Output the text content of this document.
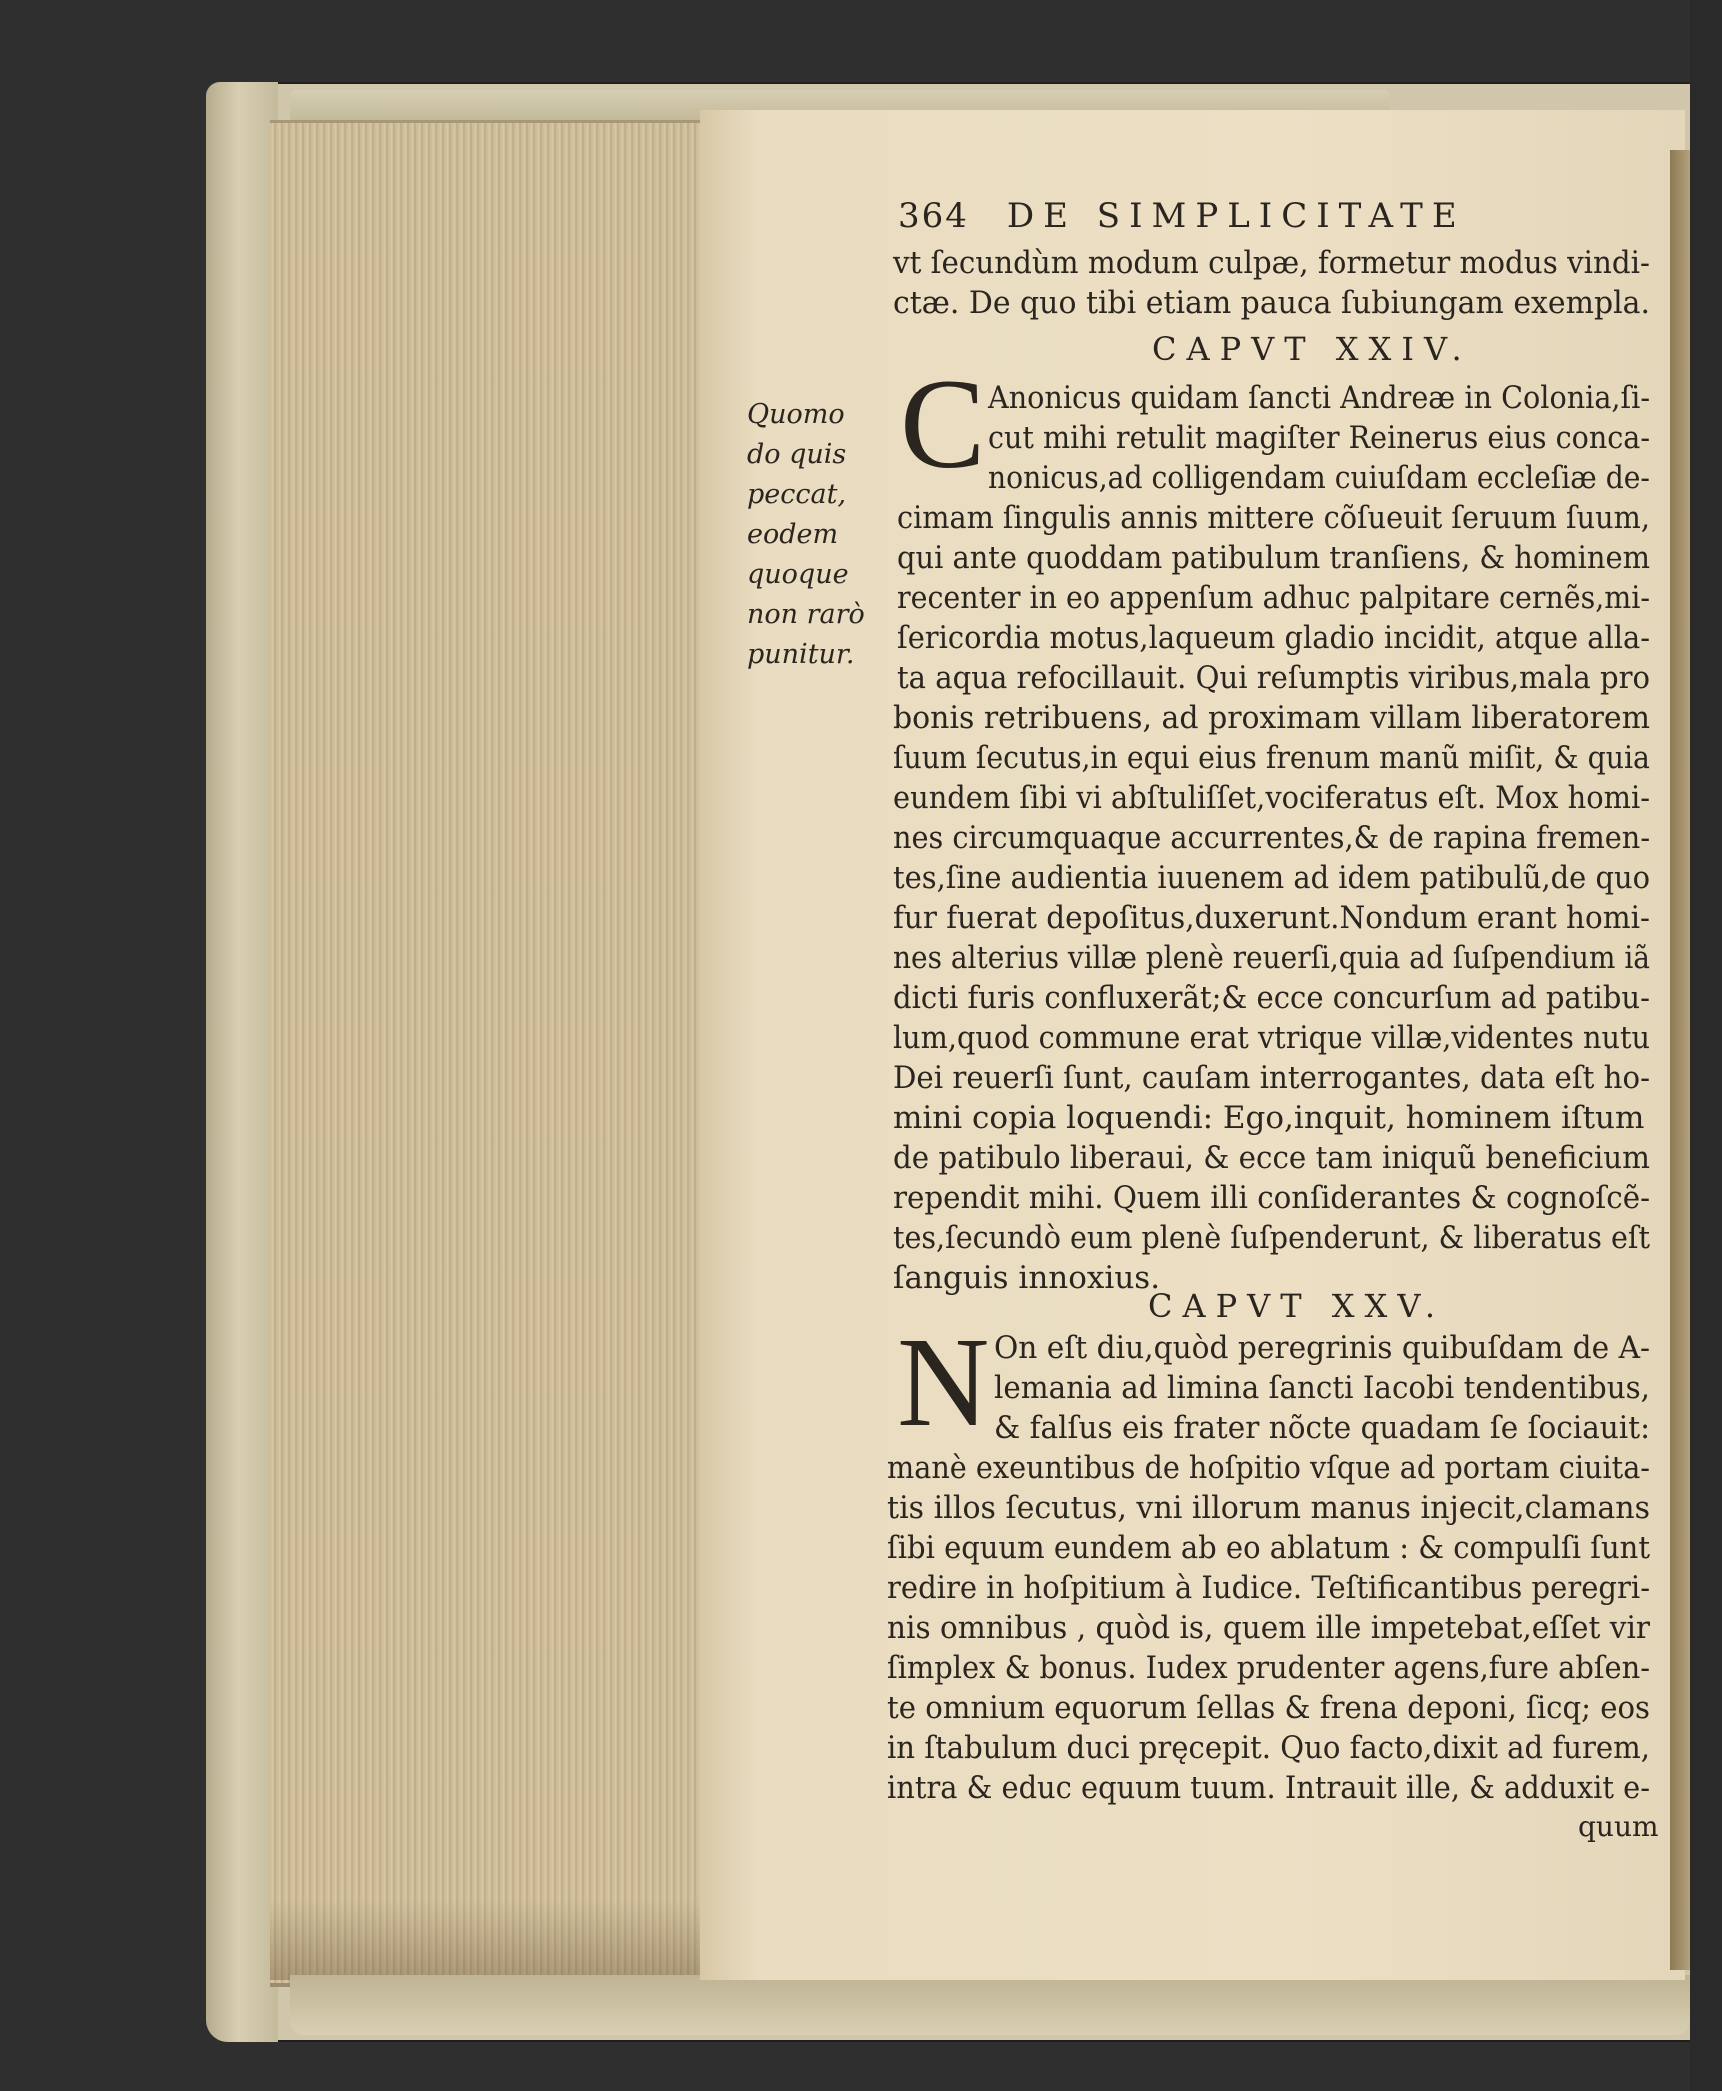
364 DE SIMPLICITATE
vt ſecundùm modum culpæ, formetur modus vindi-
ctæ. De quo tibi etiam pauca ſubiungam exempla.
CAPVT XXIV.
C
Quomo
do quis
peccat,
eodem
quoque
non rarò
punitur.
Anonicus quidam ſancti Andreæ in Colonia,ſi-
cut mihi retulit magiſter Reinerus eius conca-
nonicus,ad colligendam cuiuſdam eccleſiæ de-
cimam ſingulis annis mittere cõſueuit ſeruum ſuum,
qui ante quoddam patibulum tranſiens, & hominem
recenter in eo appenſum adhuc palpitare cernẽs,mi-
ſericordia motus,laqueum gladio incidit, atque alla-
ta aqua refocillauit. Qui reſumptis viribus,mala pro
bonis retribuens, ad proximam villam liberatorem
ſuum ſecutus,in equi eius frenum manũ miſit, & quia
eundem ſibi vi abſtuliſſet,vociferatus eſt. Mox homi-
nes circumquaque accurrentes,& de rapina fremen-
tes,ſine audientia iuuenem ad idem patibulũ,de quo
fur fuerat depoſitus,duxerunt.Nondum erant homi-
nes alterius villæ plenè reuerſi,quia ad ſuſpendium iã
dicti furis confluxerãt;& ecce concurſum ad patibu-
lum,quod commune erat vtrique villæ,videntes nutu
Dei reuerſi ſunt, cauſam interrogantes, data eſt ho-
mini copia loquendi: Ego,inquit, hominem iſtum
de patibulo liberaui, & ecce tam iniquũ beneficium
rependit mihi. Quem illi conſiderantes & cognoſcẽ-
tes,ſecundò eum plenè ſuſpenderunt, & liberatus eſt
ſanguis innoxius.
CAPVT XXV.
N On eſt diu,quòd peregrinis quibuſdam de A-
lemania ad limina ſancti Iacobi tendentibus,
& falſus eis frater nõcte quadam ſe ſociauit:
manè exeuntibus de hoſpitio vſque ad portam ciuita-
tis illos ſecutus, vni illorum manus injecit,clamans
ſibi equum eundem ab eo ablatum : & compulſi ſunt
redire in hoſpitium à Iudice. Teſtificantibus peregri-
nis omnibus , quòd is, quem ille impetebat,eſſet vir
ſimplex & bonus. Iudex prudenter agens,fure abſen-
te omnium equorum ſellas & frena deponi, ſicq; eos
in ſtabulum duci pręcepit. Quo facto,dixit ad furem,
intra & educ equum tuum. Intrauit ille, & adduxit e-
quum
